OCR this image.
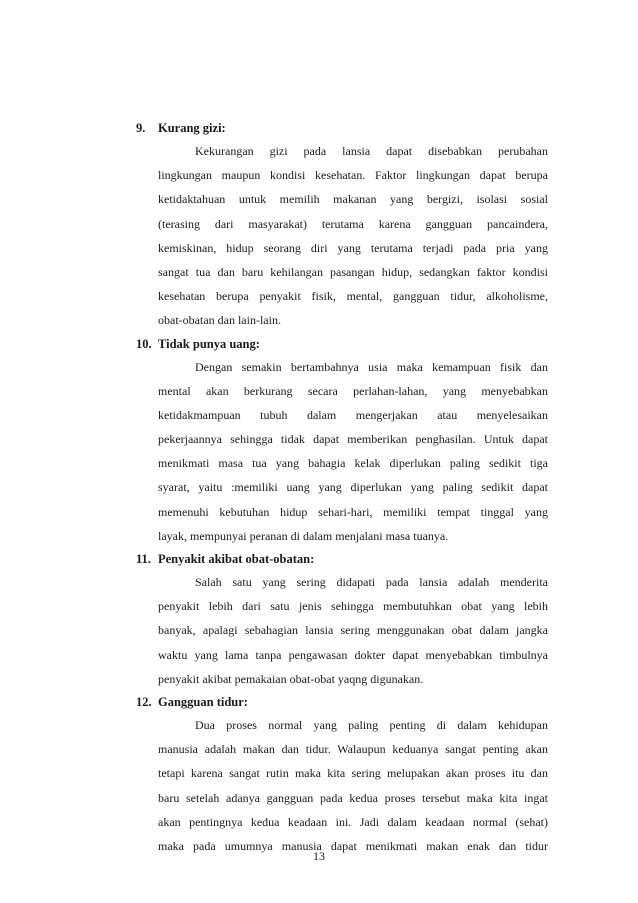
9.	Kurang gizi:
Kekurangan gizi pada lansia dapat disebabkan perubahan
lingkungan maupun kondisi kesehatan. Faktor lingkungan dapat berupa
ketidaktahuan untuk memilih makanan yang bergizi, isolasi sosial
(terasing dari masyarakat) terutama karena gangguan pancaindera,
kemiskinan, hidup seorang diri yang terutama terjadi pada pria yang
sangat tua dan baru kehilangan pasangan hidup, sedangkan faktor kondisi
kesehatan berupa penyakit fisik, mental, gangguan tidur, alkoholisme,
obat-obatan dan lain-lain.
10. Tidak punya uang:
Dengan semakin bertambahnya usia maka kemampuan fisik dan
mental akan berkurang secara perlahan-lahan, yang menyebabkan
ketidakmampuan tubuh dalam mengerjakan atau menyelesaikan
pekerjaannya sehingga tidak dapat memberikan penghasilan. Untuk dapat
menikmati masa tua yang bahagia kelak diperlukan paling sedikit tiga
syarat, yaitu :memiliki uang yang diperlukan yang paling sedikit dapat
memenuhi kebutuhan hidup sehari-hari, memiliki tempat tinggal yang
layak, mempunyai peranan di dalam menjalani masa tuanya.
11. Penyakit akibat obat-obatan:
Salah satu yang sering didapati pada lansia adalah menderita
penyakit lebih dari satu jenis sehingga membutuhkan obat yang lebih
banyak, apalagi sebahagian lansia sering menggunakan obat dalam jangka
waktu yang lama tanpa pengawasan dokter dapat menyebabkan timbulnya
penyakit akibat pemakaian obat-obat yaqng digunakan.
12. Gangguan tidur:
Dua proses normal yang paling penting di dalam kehidupan
manusia adalah makan dan tidur. Walaupun keduanya sangat penting akan
tetapi karena sangat rutin maka kita sering melupakan akan proses itu dan
baru setelah adanya gangguan pada kedua proses tersebut maka kita ingat
akan pentingnya kedua keadaan ini. Jadi dalam keadaan normal (sehat)
maka pada umumnya manusia dapat menikmati makan enak dan tidur
13
